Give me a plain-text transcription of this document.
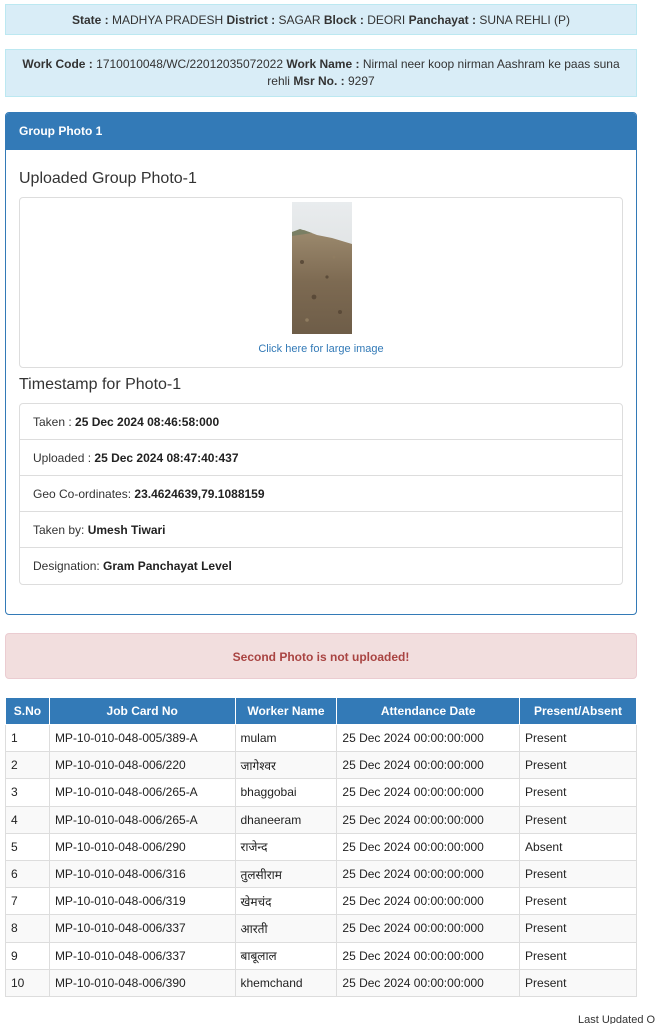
State : MADHYA PRADESH District : SAGAR Block : DEORI Panchayat : SUNA REHLI (P)
Work Code : 1710010048/WC/22012035072022 Work Name : Nirmal neer koop nirman Aashram ke paas suna rehli Msr No. : 9297
Group Photo 1
Uploaded Group Photo-1
Click here for large image
Timestamp for Photo-1
Taken : 25 Dec 2024 08:46:58:000
Uploaded : 25 Dec 2024 08:47:40:437
Geo Co-ordinates: 23.4624639,79.1088159
Taken by: Umesh Tiwari
Designation: Gram Panchayat Level
Second Photo is not uploaded!
S.No	Job Card No	Worker Name	Attendance Date	Present/Absent
1	MP-10-010-048-005/389-A	mulam	25 Dec 2024 00:00:00:000	Present
2	MP-10-010-048-006/220	जागेश्वर	25 Dec 2024 00:00:00:000	Present
3	MP-10-010-048-006/265-A	bhaggobai	25 Dec 2024 00:00:00:000	Present
4	MP-10-010-048-006/265-A	dhaneeram	25 Dec 2024 00:00:00:000	Present
5	MP-10-010-048-006/290	राजेन्द	25 Dec 2024 00:00:00:000	Absent
6	MP-10-010-048-006/316	तुलसीराम	25 Dec 2024 00:00:00:000	Present
7	MP-10-010-048-006/319	खेमचंद	25 Dec 2024 00:00:00:000	Present
8	MP-10-010-048-006/337	आरती	25 Dec 2024 00:00:00:000	Present
9	MP-10-010-048-006/337	बाबूलाल	25 Dec 2024 00:00:00:000	Present
10	MP-10-010-048-006/390	khemchand	25 Dec 2024 00:00:00:000	Present
Last Updated O
